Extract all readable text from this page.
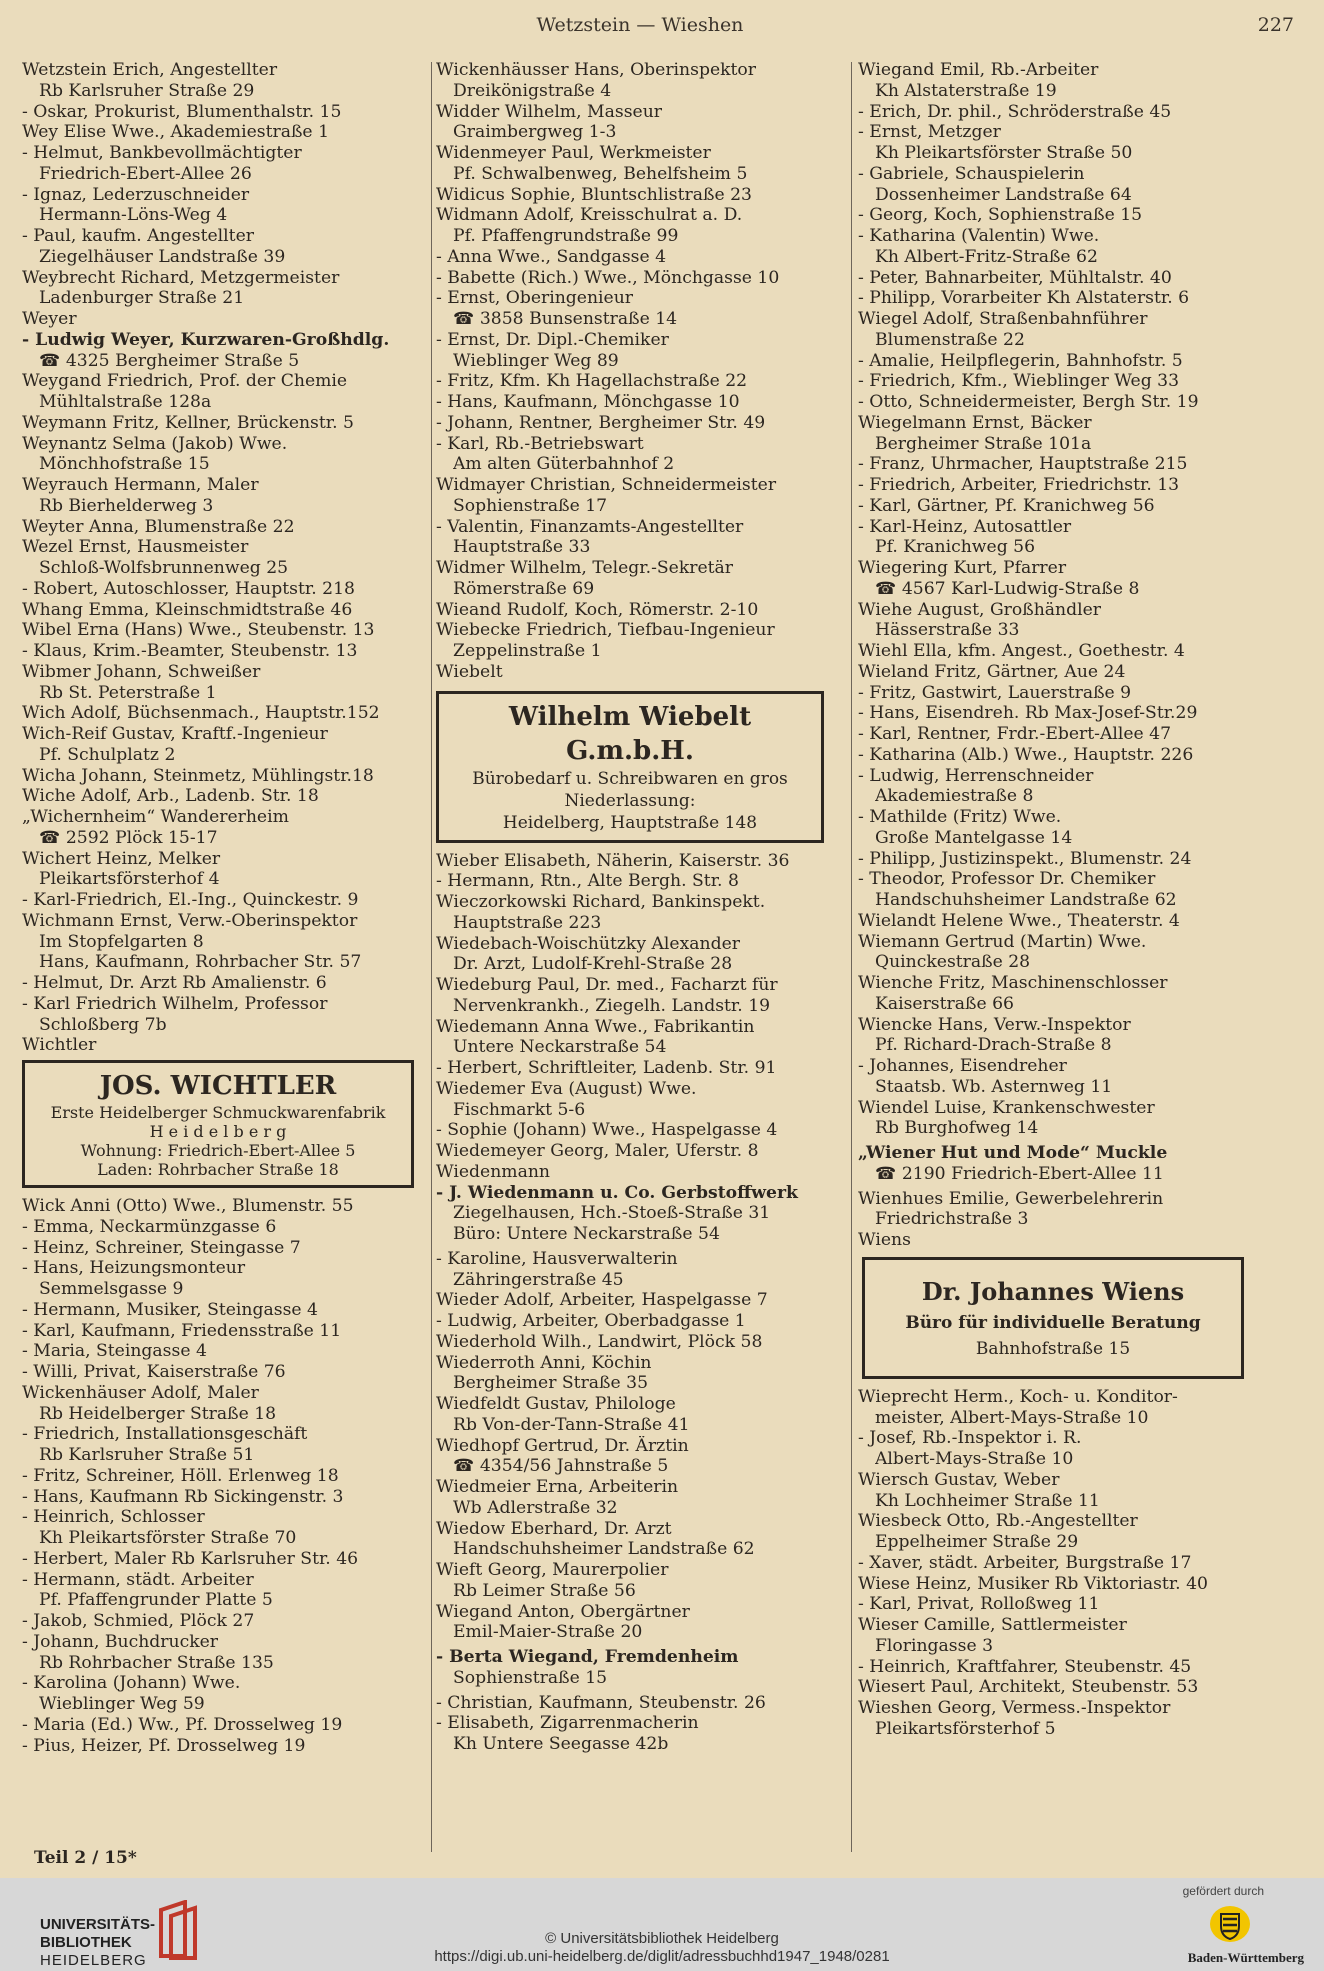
Wetzstein — Wieshen	227
Wetzstein Erich, Angestellter
Rb Karlsruher Straße 29
- Oskar, Prokurist, Blumenthalstr. 15
Wey Elise Wwe., Akademiestraße 1
- Helmut, Bankbevollmächtigter
Friedrich-Ebert-Allee 26
- Ignaz, Lederzuschneider
Hermann-Löns-Weg 4
- Paul, kaufm. Angestellter
Ziegelhäuser Landstraße 39
Weybrecht Richard, Metzgermeister
Ladenburger Straße 21
Weyer
- Ludwig Weyer, Kurzwaren-Großhdlg.
☎ 4325 Bergheimer Straße 5
Weygand Friedrich, Prof. der Chemie
Mühltalstraße 128a
Weymann Fritz, Kellner, Brückenstr. 5
Weynantz Selma (Jakob) Wwe.
Mönchhofstraße 15
Weyrauch Hermann, Maler
Rb Bierhelderweg 3
Weyter Anna, Blumenstraße 22
Wezel Ernst, Hausmeister
Schloß-Wolfsbrunnenweg 25
- Robert, Autoschlosser, Hauptstr. 218
Whang Emma, Kleinschmidtstraße 46
Wibel Erna (Hans) Wwe., Steubenstr. 13
- Klaus, Krim.-Beamter, Steubenstr. 13
Wibmer Johann, Schweißer
Rb St. Peterstraße 1
Wich Adolf, Büchsenmach., Hauptstr.152
Wich-Reif Gustav, Kraftf.-Ingenieur
Pf. Schulplatz 2
Wicha Johann, Steinmetz, Mühlingstr.18
Wiche Adolf, Arb., Ladenb. Str. 18
„Wichernheim“ Wandererheim
☎ 2592 Plöck 15-17
Wichert Heinz, Melker
Pleikartsförsterhof 4
- Karl-Friedrich, El.-Ing., Quinckestr. 9
Wichmann Ernst, Verw.-Oberinspektor
Im Stopfelgarten 8
Hans, Kaufmann, Rohrbacher Str. 57
- Helmut, Dr. Arzt Rb Amalienstr. 6
- Karl Friedrich Wilhelm, Professor
Schloßberg 7b
Wichtler
JOS. WICHTLER
Erste Heidelberger Schmuckwarenfabrik
H e i d e l b e r g
Wohnung: Friedrich-Ebert-Allee 5
Laden: Rohrbacher Straße 18
Wick Anni (Otto) Wwe., Blumenstr. 55
- Emma, Neckarmünzgasse 6
- Heinz, Schreiner, Steingasse 7
- Hans, Heizungsmonteur
Semmelsgasse 9
- Hermann, Musiker, Steingasse 4
- Karl, Kaufmann, Friedensstraße 11
- Maria, Steingasse 4
- Willi, Privat, Kaiserstraße 76
Wickenhäuser Adolf, Maler
Rb Heidelberger Straße 18
- Friedrich, Installationsgeschäft
Rb Karlsruher Straße 51
- Fritz, Schreiner, Höll. Erlenweg 18
- Hans, Kaufmann Rb Sickingenstr. 3
- Heinrich, Schlosser
Kh Pleikartsförster Straße 70
- Herbert, Maler Rb Karlsruher Str. 46
- Hermann, städt. Arbeiter
Pf. Pfaffengrunder Platte 5
- Jakob, Schmied, Plöck 27
- Johann, Buchdrucker
Rb Rohrbacher Straße 135
- Karolina (Johann) Wwe.
Wieblinger Weg 59
- Maria (Ed.) Ww., Pf. Drosselweg 19
- Pius, Heizer, Pf. Drosselweg 19
Wickenhäusser Hans, Oberinspektor
Dreikönigstraße 4
Widder Wilhelm, Masseur
Graimbergweg 1-3
Widenmeyer Paul, Werkmeister
Pf. Schwalbenweg, Behelfsheim 5
Widicus Sophie, Bluntschlistraße 23
Widmann Adolf, Kreisschulrat a. D.
Pf. Pfaffengrundstraße 99
- Anna Wwe., Sandgasse 4
- Babette (Rich.) Wwe., Mönchgasse 10
- Ernst, Oberingenieur
☎ 3858 Bunsenstraße 14
- Ernst, Dr. Dipl.-Chemiker
Wieblinger Weg 89
- Fritz, Kfm. Kh Hagellachstraße 22
- Hans, Kaufmann, Mönchgasse 10
- Johann, Rentner, Bergheimer Str. 49
- Karl, Rb.-Betriebswart
Am alten Güterbahnhof 2
Widmayer Christian, Schneidermeister
Sophienstraße 17
- Valentin, Finanzamts-Angestellter
Hauptstraße 33
Widmer Wilhelm, Telegr.-Sekretär
Römerstraße 69
Wieand Rudolf, Koch, Römerstr. 2-10
Wiebecke Friedrich, Tiefbau-Ingenieur
Zeppelinstraße 1
Wiebelt
Wilhelm Wiebelt G.m.b.H.
Bürobedarf u. Schreibwaren en gros
Niederlassung:
Heidelberg, Hauptstraße 148
Wieber Elisabeth, Näherin, Kaiserstr. 36
- Hermann, Rtn., Alte Bergh. Str. 8
Wieczorkowski Richard, Bankinspekt.
Hauptstraße 223
Wiedebach-Woischützky Alexander
Dr. Arzt, Ludolf-Krehl-Straße 28
Wiedeburg Paul, Dr. med., Facharzt für
Nervenkrankh., Ziegelh. Landstr. 19
Wiedemann Anna Wwe., Fabrikantin
Untere Neckarstraße 54
- Herbert, Schriftleiter, Ladenb. Str. 91
Wiedemer Eva (August) Wwe.
Fischmarkt 5-6
- Sophie (Johann) Wwe., Haspelgasse 4
Wiedemeyer Georg, Maler, Uferstr. 8
Wiedenmann
- J. Wiedenmann u. Co. Gerbstoffwerk
Ziegelhausen, Hch.-Stoeß-Straße 31
Büro: Untere Neckarstraße 54
- Karoline, Hausverwalterin
Zähringerstraße 45
Wieder Adolf, Arbeiter, Haspelgasse 7
- Ludwig, Arbeiter, Oberbadgasse 1
Wiederhold Wilh., Landwirt, Plöck 58
Wiederroth Anni, Köchin
Bergheimer Straße 35
Wiedfeldt Gustav, Philologe
Rb Von-der-Tann-Straße 41
Wiedhopf Gertrud, Dr. Ärztin
☎ 4354/56 Jahnstraße 5
Wiedmeier Erna, Arbeiterin
Wb Adlerstraße 32
Wiedow Eberhard, Dr. Arzt
Handschuhsheimer Landstraße 62
Wieft Georg, Maurerpolier
Rb Leimer Straße 56
Wiegand Anton, Obergärtner
Emil-Maier-Straße 20
- Berta Wiegand, Fremdenheim
Sophienstraße 15
- Christian, Kaufmann, Steubenstr. 26
- Elisabeth, Zigarrenmacherin
Kh Untere Seegasse 42b
Wiegand Emil, Rb.-Arbeiter
Kh Alstaterstraße 19
- Erich, Dr. phil., Schröderstraße 45
- Ernst, Metzger
Kh Pleikartsförster Straße 50
- Gabriele, Schauspielerin
Dossenheimer Landstraße 64
- Georg, Koch, Sophienstraße 15
- Katharina (Valentin) Wwe.
Kh Albert-Fritz-Straße 62
- Peter, Bahnarbeiter, Mühltalstr. 40
- Philipp, Vorarbeiter Kh Alstaterstr. 6
Wiegel Adolf, Straßenbahnführer
Blumenstraße 22
- Amalie, Heilpflegerin, Bahnhofstr. 5
- Friedrich, Kfm., Wieblinger Weg 33
- Otto, Schneidermeister, Bergh Str. 19
Wiegelmann Ernst, Bäcker
Bergheimer Straße 101a
- Franz, Uhrmacher, Hauptstraße 215
- Friedrich, Arbeiter, Friedrichstr. 13
- Karl, Gärtner, Pf. Kranichweg 56
- Karl-Heinz, Autosattler
Pf. Kranichweg 56
Wiegering Kurt, Pfarrer
☎ 4567 Karl-Ludwig-Straße 8
Wiehe August, Großhändler
Hässerstraße 33
Wiehl Ella, kfm. Angest., Goethestr. 4
Wieland Fritz, Gärtner, Aue 24
- Fritz, Gastwirt, Lauerstraße 9
- Hans, Eisendreh. Rb Max-Josef-Str.29
- Karl, Rentner, Frdr.-Ebert-Allee 47
- Katharina (Alb.) Wwe., Hauptstr. 226
- Ludwig, Herrenschneider
Akademiestraße 8
- Mathilde (Fritz) Wwe.
Große Mantelgasse 14
- Philipp, Justizinspekt., Blumenstr. 24
- Theodor, Professor Dr. Chemiker
Handschuhsheimer Landstraße 62
Wielandt Helene Wwe., Theaterstr. 4
Wiemann Gertrud (Martin) Wwe.
Quinckestraße 28
Wienche Fritz, Maschinenschlosser
Kaiserstraße 66
Wiencke Hans, Verw.-Inspektor
Pf. Richard-Drach-Straße 8
- Johannes, Eisendreher
Staatsb. Wb. Asternweg 11
Wiendel Luise, Krankenschwester
Rb Burghofweg 14
„Wiener Hut und Mode“ Muckle
☎ 2190 Friedrich-Ebert-Allee 11
Wienhues Emilie, Gewerbelehrerin
Friedrichstraße 3
Wiens
Dr. Johannes Wiens
Büro für individuelle Beratung
Bahnhofstraße 15
Wieprecht Herm., Koch- u. Konditor-
meister, Albert-Mays-Straße 10
- Josef, Rb.-Inspektor i. R.
Albert-Mays-Straße 10
Wiersch Gustav, Weber
Kh Lochheimer Straße 11
Wiesbeck Otto, Rb.-Angestellter
Eppelheimer Straße 29
- Xaver, städt. Arbeiter, Burgstraße 17
Wiese Heinz, Musiker Rb Viktoriastr. 40
- Karl, Privat, Rolloßweg 11
Wieser Camille, Sattlermeister
Floringasse 3
- Heinrich, Kraftfahrer, Steubenstr. 45
Wiesert Paul, Architekt, Steubenstr. 53
Wieshen Georg, Vermess.-Inspektor
Pleikartsförsterhof 5
Teil 2 / 15*
UNIVERSITÄTS-
BIBLIOTHEK
HEIDELBERG
© Universitätsbibliothek Heidelberg
https://digi.ub.uni-heidelberg.de/diglit/adressbuchhd1947_1948/0281
gefördert durch
Baden-Württemberg
